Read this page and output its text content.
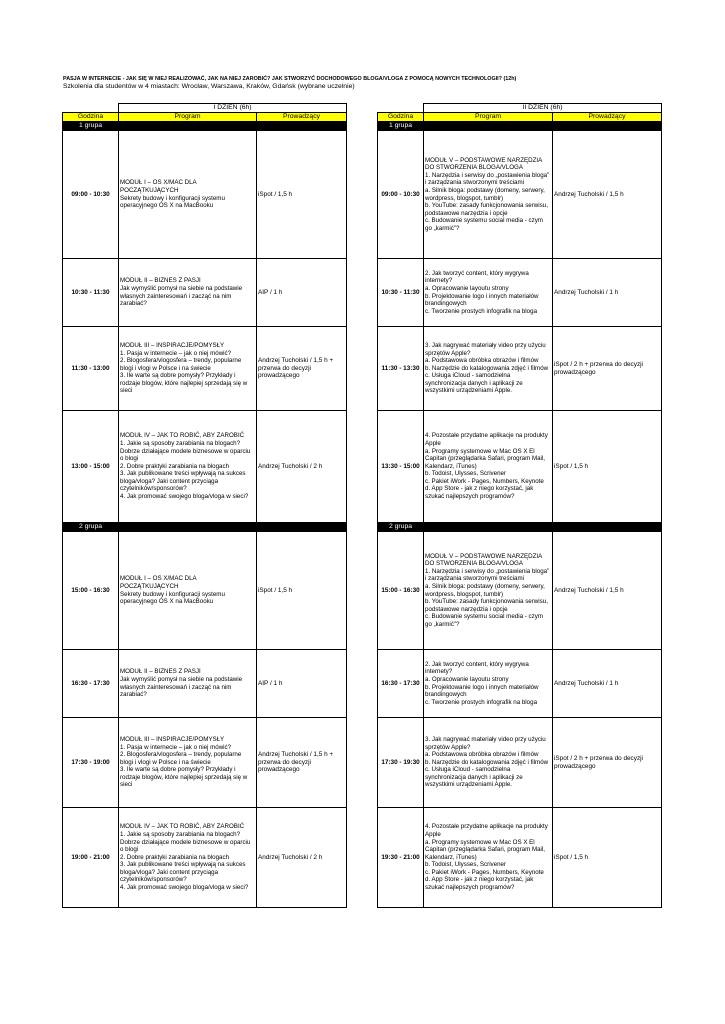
PASJA W INTERNECIE - JAK SIĘ W NIEJ REALIZOWAĆ, JAK NA NIEJ ZAROBIĆ? JAK STWORZYĆ DOCHODOWEGO BLOGA/VLOGA Z POMOCĄ NOWYCH TECHNOLOGII? (12h)
Szkolenia dla studentów w 4 miastach: Wrocław, Warszawa, Kraków, Gdańsk (wybrane uczelnie)
	I DZIEŃ (6h)	
Godzina	Program	Prowadzący
1 grupa		
09:00 - 10:30	MODUŁ I – OS X/MAC DLA POCZĄTKUJĄCYCH
Sekrety budowy i konfiguracji systemu operacyjnego OS X na MacBooku	iSpot / 1,5 h
10:30 - 11:30	MODUŁ II – BIZNES Z PASJI
Jak wymyślić pomysł na siebie na podstawie własnych zainteresowań i zacząć na nim zarabiać?	AIP / 1 h
11:30 - 13:00	MODUŁ III – INSPIRACJE/POMYSŁY
1. Pasja w internecie – jak o niej mówić?
2. Blogosfera/vlogosfera – trendy, popularne blogi i vlogi w Polsce i na świecie
3. Ile warte są dobre pomysły? Przykłady i rodzaje blogów, które najlepiej sprzedają się w sieci	Andrzej Tucholski / 1,5 h + przerwa do decyzji prowadzącego
13:00 - 15:00	MODUŁ IV – JAK TO ROBIĆ, ABY ZAROBIĆ
1. Jakie są sposoby zarabiania na blogach? Dobrze działające modele biznesowe w oparciu o blogi
2. Dobre praktyki zarabiania na blogach
3. Jak publikowane treści wpływają na sukces bloga/vloga? Jaki content przyciąga czytelników/sponsorów?
4. Jak promować swojego bloga/vloga w sieci?	Andrzej Tucholski / 2 h
2 grupa		
15:00 - 16:30	MODUŁ I – OS X/MAC DLA POCZĄTKUJĄCYCH
Sekrety budowy i konfiguracji systemu operacyjnego OS X na MacBooku	iSpot / 1,5 h
16:30 - 17:30	MODUŁ II – BIZNES Z PASJI
Jak wymyślić pomysł na siebie na podstawie własnych zainteresowań i zacząć na nim zarabiać?	AIP / 1 h
17:30 - 19:00	MODUŁ III – INSPIRACJE/POMYSŁY
1. Pasja w internecie – jak o niej mówić?
2. Blogosfera/vlogosfera – trendy, popularne blogi i vlogi w Polsce i na świecie
3. Ile warte są dobre pomysły? Przykłady i rodzaje blogów, które najlepiej sprzedają się w sieci	Andrzej Tucholski / 1,5 h + przerwa do decyzji prowadzącego
19:00 - 21:00	MODUŁ IV – JAK TO ROBIĆ, ABY ZAROBIĆ
1. Jakie są sposoby zarabiania na blogach? Dobrze działające modele biznesowe w oparciu o blogi
2. Dobre praktyki zarabiania na blogach
3. Jak publikowane treści wpływają na sukces bloga/vloga? Jaki content przyciąga czytelników/sponsorów?
4. Jak promować swojego bloga/vloga w sieci?	Andrzej Tucholski / 2 h
	II DZIEŃ (6h)	
Godzina	Program	Prowadzący
1 grupa		
09:00 - 10:30	MODUŁ V – PODSTAWOWE NARZĘDZIA DO STWORZENIA BLOGA/VLOGA
1. Narzędzia i serwisy do „postawienia bloga” i zarządzania stworzonymi treściami
a. Silnik bloga: podstawy (domeny, serwery, wordpress, blogspot, tumblr)
b. YouTube: zasady funkcjonowania serwisu, podstawowe narzędzia i opcje
c. Budowanie systemu social media - czym go „karmić”?	Andrzej Tucholski / 1,5 h
10:30 - 11:30	2. Jak tworzyć content, który wygrywa internety?
a. Opracowanie layoutu strony
b. Projektowanie logo i innych materiałów brandingowych
c. Tworzenie prostych infografik na bloga	Andrzej Tucholski / 1 h
11:30 - 13:30	3. Jak nagrywać materiały video przy użyciu sprzętów Apple?
a. Podstawowa obróbka obrazów i filmów
b. Narzędzie do katalogowania zdjęć i filmów
c. Usługa iCloud - samodzielna synchronizacja danych i aplikacji ze wszystkimi urządzeniami Apple.	iSpot / 2 h + przerwa do decyzji prowadzącego
13:30 - 15:00	4. Pozostałe przydatne aplikacje na produkty Apple
a. Programy systemowe w Mac OS X El Capitan (przeglądarka Safari, program Mail, Kalendarz, iTunes)
b. Todoist, Ulysses, Scrivener
c. Pakiet iWork - Pages, Numbers, Keynote
d. App Store - jak z niego korzystać, jak szukać najlepszych programów?	iSpot / 1,5 h
2 grupa		
15:00 - 16:30	MODUŁ V – PODSTAWOWE NARZĘDZIA DO STWORZENIA BLOGA/VLOGA
1. Narzędzia i serwisy do „postawienia bloga” i zarządzania stworzonymi treściami
a. Silnik bloga: podstawy (domeny, serwery, wordpress, blogspot, tumblr)
b. YouTube: zasady funkcjonowania serwisu, podstawowe narzędzia i opcje
c. Budowanie systemu social media - czym go „karmić”?	Andrzej Tucholski / 1,5 h
16:30 - 17:30	2. Jak tworzyć content, który wygrywa internety?
a. Opracowanie layoutu strony
b. Projektowanie logo i innych materiałów brandingowych
c. Tworzenie prostych infografik na bloga	Andrzej Tucholski / 1 h
17:30 - 19:30	3. Jak nagrywać materiały video przy użyciu sprzętów Apple?
a. Podstawowa obróbka obrazów i filmów
b. Narzędzie do katalogowania zdjęć i filmów
c. Usługa iCloud - samodzielna synchronizacja danych i aplikacji ze wszystkimi urządzeniami Apple.	iSpot / 2 h + przerwa do decyzji prowadzącego
19:30 - 21:00	4. Pozostałe przydatne aplikacje na produkty Apple
a. Programy systemowe w Mac OS X El Capitan (przeglądarka Safari, program Mail, Kalendarz, iTunes)
b. Todoist, Ulysses, Scrivener
c. Pakiet iWork - Pages, Numbers, Keynote
d. App Store - jak z niego korzystać, jak szukać najlepszych programów?	iSpot / 1,5 h
